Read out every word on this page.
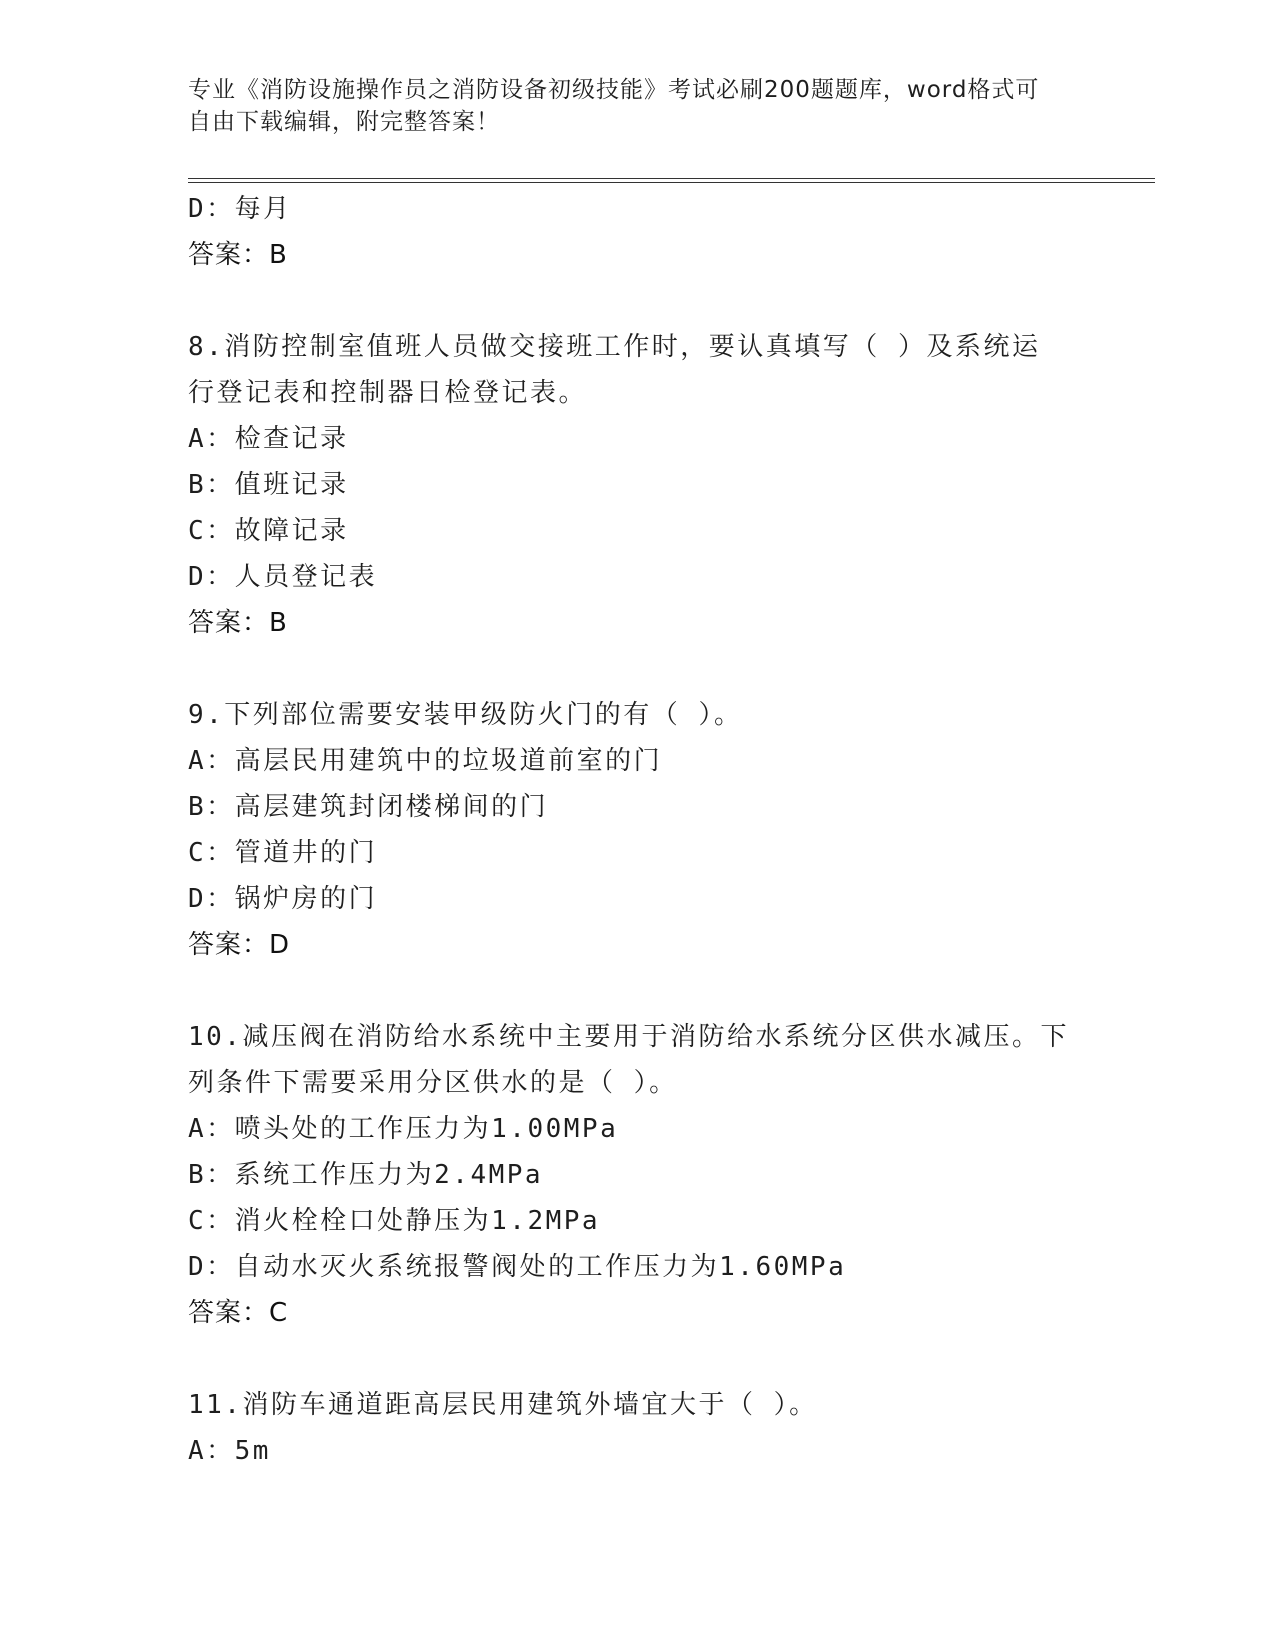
专业《消防设施操作员之消防设备初级技能》考试必刷200题题库，word格式可
自由下载编辑，附完整答案！
D：每月
答案：B
8.消防控制室值班人员做交接班工作时，要认真填写（ ）及系统运
行登记表和控制器日检登记表。
A：检查记录
B：值班记录
C：故障记录
D：人员登记表
答案：B
9.下列部位需要安装甲级防火门的有（ ）。
A：高层民用建筑中的垃圾道前室的门
B：高层建筑封闭楼梯间的门
C：管道井的门
D：锅炉房的门
答案：D
10.减压阀在消防给水系统中主要用于消防给水系统分区供水减压。下
列条件下需要采用分区供水的是（ ）。
A：喷头处的工作压力为1.00MPa
B：系统工作压力为2.4MPa
C：消火栓栓口处静压为1.2MPa
D：自动水灭火系统报警阀处的工作压力为1.60MPa
答案：C
11.消防车通道距高层民用建筑外墙宜大于（ ）。
A：5m
